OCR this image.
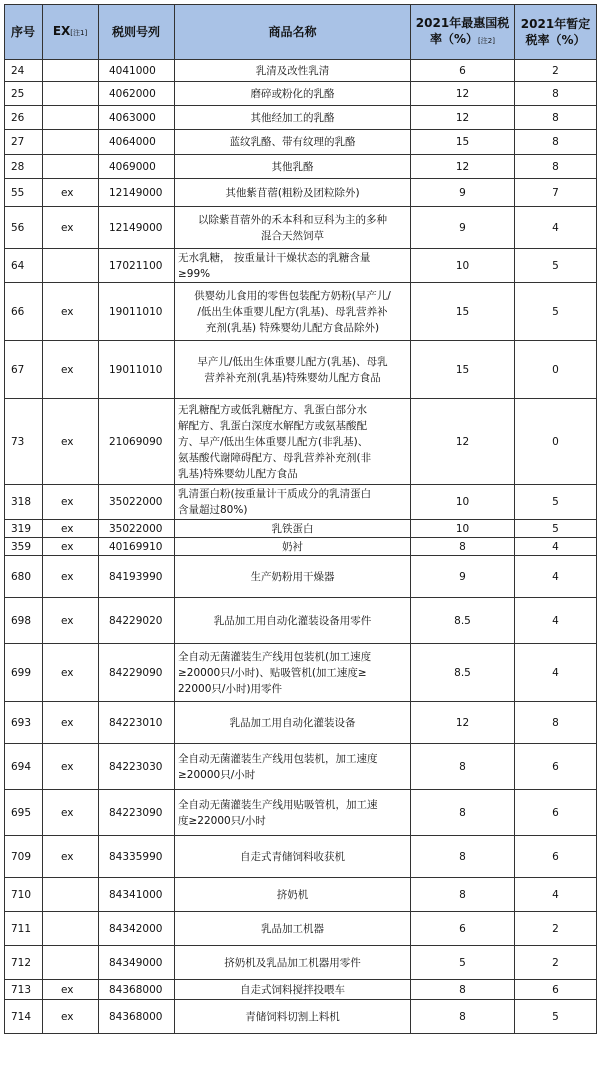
序号	EX[注1]	税则号列	商品名称	2021年最惠国税
率（%）[注2]	2021年暂定
税率（%）
24		4041000	乳清及改性乳清	6	2
25		4062000	磨碎或粉化的乳酪	12	8
26		4063000	其他经加工的乳酪	12	8
27		4064000	蓝纹乳酪、带有纹理的乳酪	15	8
28		4069000	其他乳酪	12	8
55	ex	12149000	其他紫苜蓿(粗粉及团粒除外)	9	7
56	ex	12149000	以除紫苜蓿外的禾本科和豆科为主的多种
混合天然饲草	9	4
64		17021100	无水乳糖， 按重量计干燥状态的乳糖含量
≥99%	10	5
66	ex	19011010	供婴幼儿食用的零售包装配方奶粉(早产儿/
/低出生体重婴儿配方(乳基)、母乳营养补
充剂(乳基) 特殊婴幼儿配方食品除外)	15	5
67	ex	19011010	早产儿/低出生体重婴儿配方(乳基)、母乳
营养补充剂(乳基)特殊婴幼儿配方食品	15	0
73	ex	21069090	无乳糖配方或低乳糖配方、乳蛋白部分水
解配方、乳蛋白深度水解配方或氨基酸配
方、早产/低出生体重婴儿配方(非乳基)、
氨基酸代谢障碍配方、母乳营养补充剂(非
乳基)特殊婴幼儿配方食品	12	0
318	ex	35022000	乳清蛋白粉(按重量计干质成分的乳清蛋白
含量超过80%)	10	5
319	ex	35022000	乳铁蛋白	10	5
359	ex	40169910	奶衬	8	4
680	ex	84193990	生产奶粉用干燥器	9	4
698	ex	84229020	乳品加工用自动化灌装设备用零件	8.5	4
699	ex	84229090	全自动无菌灌装生产线用包装机(加工速度
≥20000只/小时)、贴吸管机(加工速度≥
22000只/小时)用零件	8.5	4
693	ex	84223010	乳品加工用自动化灌装设备	12	8
694	ex	84223030	全自动无菌灌装生产线用包装机，加工速度
≥20000只/小时	8	6
695	ex	84223090	全自动无菌灌装生产线用贴吸管机，加工速
度≥22000只/小时	8	6
709	ex	84335990	自走式青储饲料收获机	8	6
710		84341000	挤奶机	8	4
711		84342000	乳品加工机器	6	2
712		84349000	挤奶机及乳品加工机器用零件	5	2
713	ex	84368000	自走式饲料搅拌投喂车	8	6
714	ex	84368000	青储饲料切割上料机	8	5
